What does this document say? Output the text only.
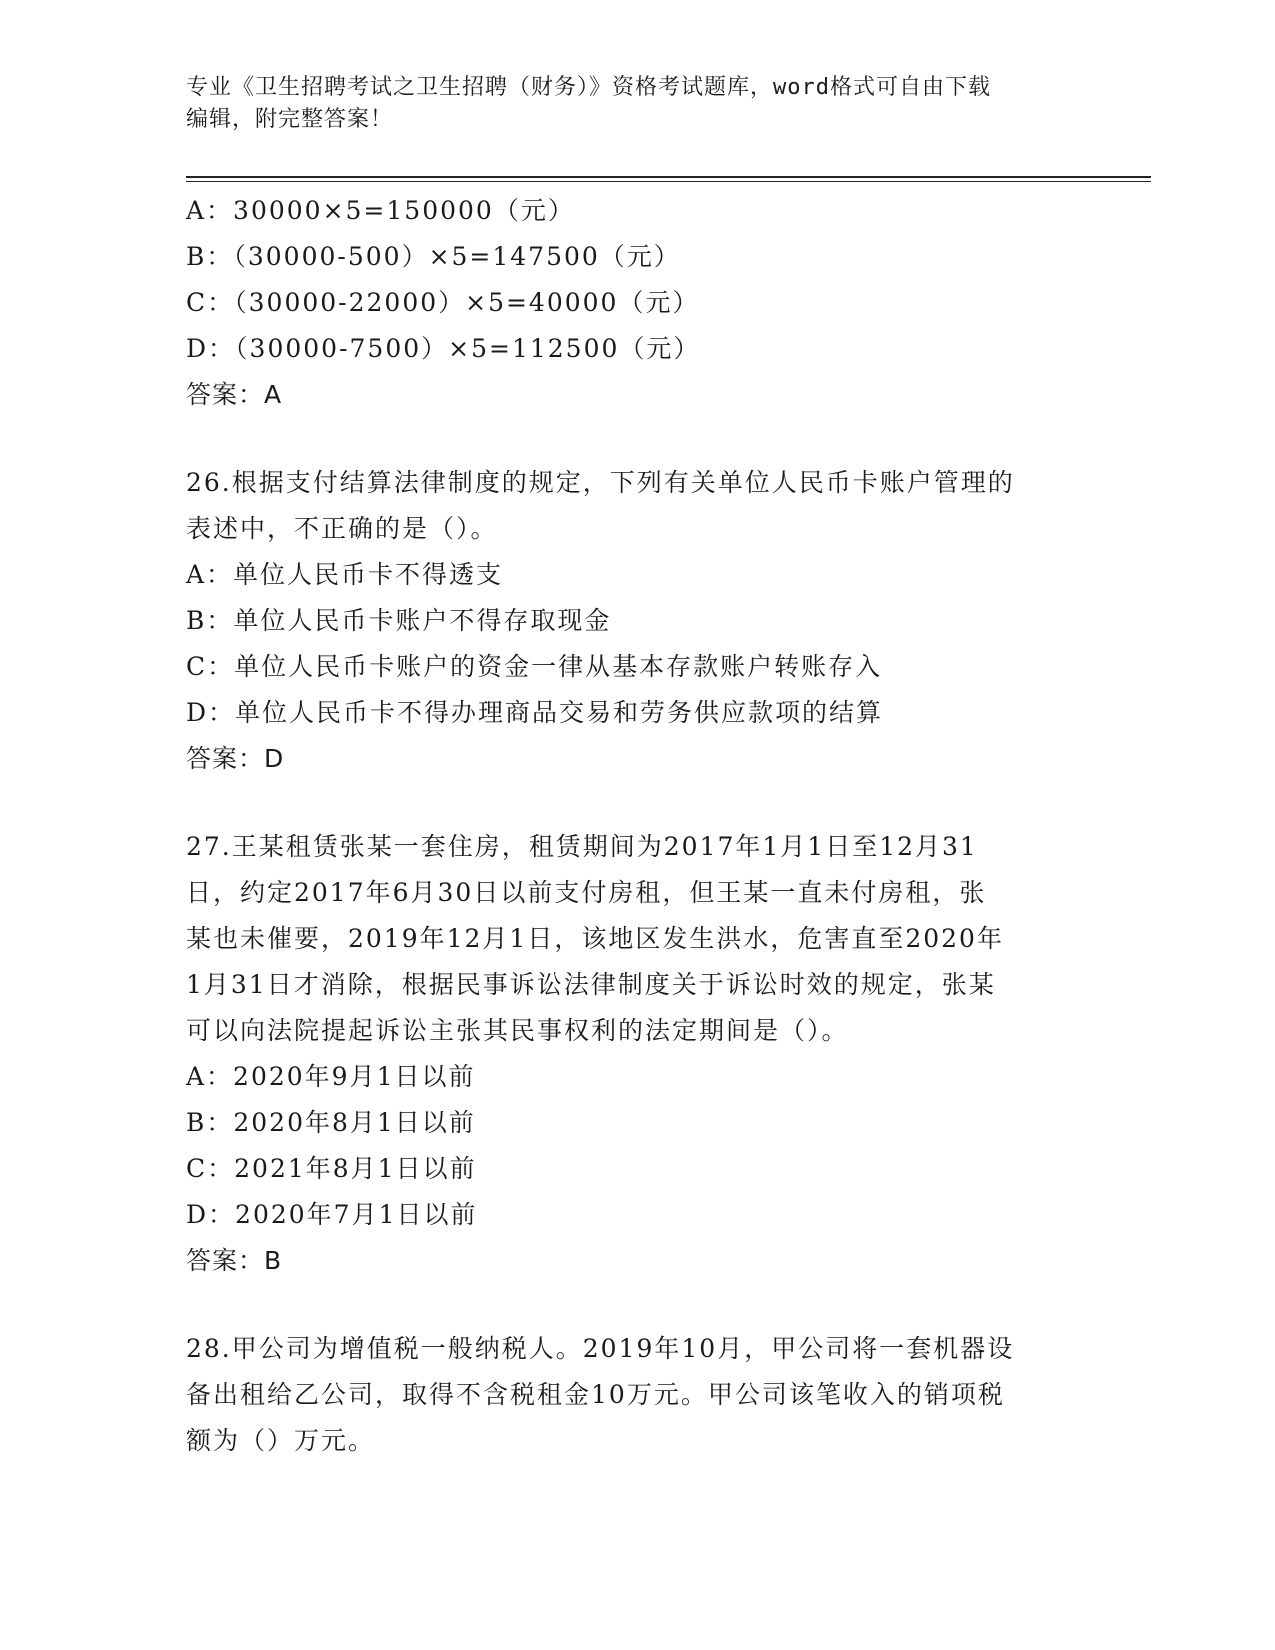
专业《卫生招聘考试之卫生招聘（财务）》资格考试题库，word格式可自由下载
编辑，附完整答案！
A：30000×5=150000（元）
B：（30000-500）×5=147500（元）
C：（30000-22000）×5=40000（元）
D：（30000-7500）×5=112500（元）
答案：A
26.根据支付结算法律制度的规定，下列有关单位人民币卡账户管理的
表述中，不正确的是（）。
A：单位人民币卡不得透支
B：单位人民币卡账户不得存取现金
C：单位人民币卡账户的资金一律从基本存款账户转账存入
D：单位人民币卡不得办理商品交易和劳务供应款项的结算
答案：D
27.王某租赁张某一套住房，租赁期间为2017年1月1日至12月31
日，约定2017年6月30日以前支付房租，但王某一直未付房租，张
某也未催要，2019年12月1日，该地区发生洪水，危害直至2020年
1月31日才消除，根据民事诉讼法律制度关于诉讼时效的规定，张某
可以向法院提起诉讼主张其民事权利的法定期间是（）。
A：2020年9月1日以前
B：2020年8月1日以前
C：2021年8月1日以前
D：2020年7月1日以前
答案：B
28.甲公司为增值税一般纳税人。2019年10月，甲公司将一套机器设
备出租给乙公司，取得不含税租金10万元。甲公司该笔收入的销项税
额为（）万元。
